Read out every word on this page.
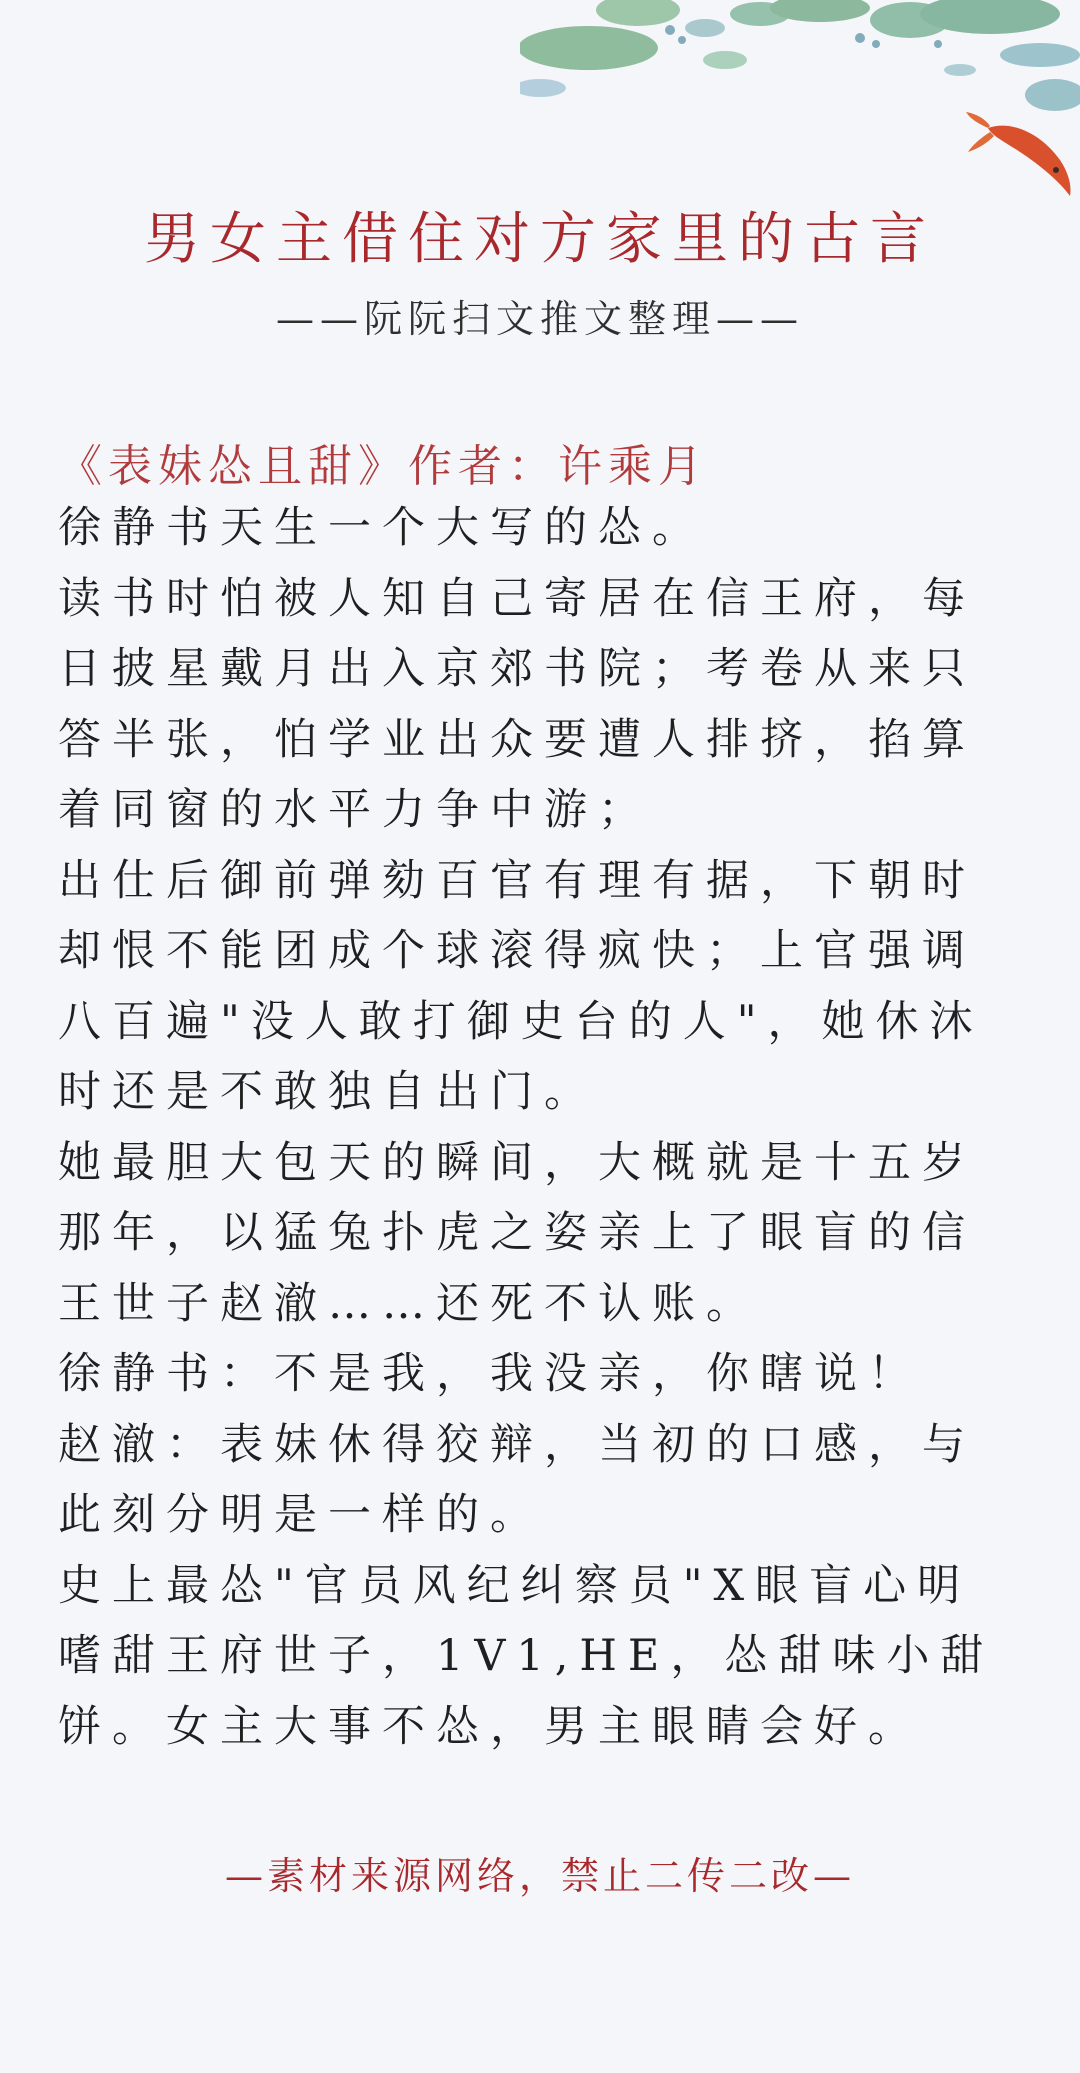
男女主借住对方家里的古言
——阮阮扫文推文整理——
《表妹怂且甜》作者：许乘月

徐静书天生一个大写的怂。

读书时怕被人知自己寄居在信王府，每

日披星戴月出入京郊书院；考卷从来只

答半张，怕学业出众要遭人排挤，掐算

着同窗的水平力争中游；

出仕后御前弹劾百官有理有据，下朝时

却恨不能团成个球滚得疯快；上官强调

八百遍"没人敢打御史台的人"，她休沐

时还是不敢独自出门。

她最胆大包天的瞬间，大概就是十五岁

那年，以猛兔扑虎之姿亲上了眼盲的信

王世子赵澈……还死不认账。

徐静书：不是我，我没亲，你瞎说！

赵澈：表妹休得狡辩，当初的口感，与

此刻分明是一样的。

史上最怂"官员风纪纠察员"X眼盲心明

嗜甜王府世子，1V1,HE，怂甜味小甜

饼。女主大事不怂，男主眼睛会好。

—素材来源网络，禁止二传二改—
